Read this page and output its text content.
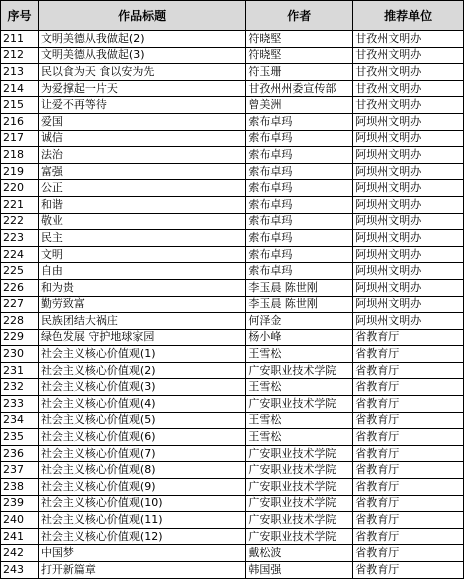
序号	作品标题	作者	推荐单位
211	文明美德从我做起(2)	符晓堅	甘孜州文明办
212	文明美德从我做起(3)	符晓堅	甘孜州文明办
213	民以食为天 食以安为先	符玉珊	甘孜州文明办
214	为爱撑起一片天	甘孜州州委宣传部	甘孜州文明办
215	让爱不再等待	曾美洲	甘孜州文明办
216	爱国	索布卓玛	阿坝州文明办
217	诚信	索布卓玛	阿坝州文明办
218	法治	索布卓玛	阿坝州文明办
219	富强	索布卓玛	阿坝州文明办
220	公正	索布卓玛	阿坝州文明办
221	和谐	索布卓玛	阿坝州文明办
222	敬业	索布卓玛	阿坝州文明办
223	民主	索布卓玛	阿坝州文明办
224	文明	索布卓玛	阿坝州文明办
225	自由	索布卓玛	阿坝州文明办
226	和为贵	李玉晨 陈世刚	阿坝州文明办
227	勤劳致富	李玉晨 陈世刚	阿坝州文明办
228	民族团结大祸庄	何泽金	阿坝州文明办
229	绿色发展 守护地球家园	杨小峰	省教育厅
230	社会主义核心价值观(1)	王雪松	省教育厅
231	社会主义核心价值观(2)	广安职业技术学院	省教育厅
232	社会主义核心价值观(3)	王雪松	省教育厅
233	社会主义核心价值观(4)	广安职业技术学院	省教育厅
234	社会主义核心价值观(5)	王雪松	省教育厅
235	社会主义核心价值观(6)	王雪松	省教育厅
236	社会主义核心价值观(7)	广安职业技术学院	省教育厅
237	社会主义核心价值观(8)	广安职业技术学院	省教育厅
238	社会主义核心价值观(9)	广安职业技术学院	省教育厅
239	社会主义核心价值观(10)	广安职业技术学院	省教育厅
240	社会主义核心价值观(11)	广安职业技术学院	省教育厅
241	社会主义核心价值观(12)	广安职业技术学院	省教育厅
242	中国梦	戴松波	省教育厅
243	打开新篇章	韩国强	省教育厅
